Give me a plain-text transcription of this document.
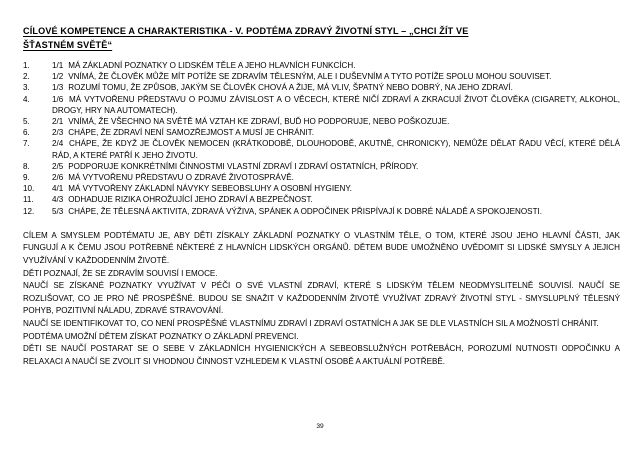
CÍLOVÉ KOMPETENCE A CHARAKTERISTIKA - V. PODTÉMA ZDRAVÝ ŽIVOTNÍ STYL – „CHCI ŽÍT VE
ŠŤASTNÉM SVĚTĚ“
1.	1/1 MÁ ZÁKLADNÍ POZNATKY O LIDSKÉM TĚLE A JEHO HLAVNÍCH FUNKCÍCH.
2.	1/2 VNÍMÁ, ŽE ČLOVĚK MŮŽE MÍT POTÍŽE SE ZDRAVÍM TĚLESNÝM, ALE I DUŠEVNÍM A TYTO POTÍŽE SPOLU MOHOU SOUVISET.
3.	1/3 ROZUMÍ TOMU, ŽE ZPŮSOB, JAKÝM SE ČLOVĚK CHOVÁ A ŽIJE, MÁ VLIV, ŠPATNÝ NEBO DOBRÝ, NA JEHO ZDRAVÍ.
4.	1/6 MÁ VYTVOŘENU PŘEDSTAVU O POJMU ZÁVISLOST A O VĚCECH, KTERÉ NIČÍ ZDRAVÍ A ZKRACUJÍ ŽIVOT ČLOVĚKA (CIGARETY, ALKOHOL, DROGY, HRY NA AUTOMATECH).
5.	2/1 VNÍMÁ, ŽE VŠECHNO NA SVĚTĚ MÁ VZTAH KE ZDRAVÍ, BUĎ HO PODPORUJE, NEBO POŠKOZUJE.
6.	2/3 CHÁPE, ŽE ZDRAVÍ NENÍ SAMOZŘEJMOST A MUSÍ JE CHRÁNIT.
7.	2/4 CHÁPE, ŽE KDYŽ JE ČLOVĚK NEMOCEN (KRÁTKODOBĚ, DLOUHODOBĚ, AKUTNĚ, CHRONICKY), NEMŮŽE DĚLAT ŘADU VĚCÍ, KTERÉ DĚLÁ RÁD, A KTERÉ PATŘÍ K JEHO ŽIVOTU.
8.	2/5 PODPORUJE KONKRÉTNÍMI ČINNOSTMI VLASTNÍ ZDRAVÍ I ZDRAVÍ OSTATNÍCH, PŘÍRODY.
9.	2/6 MÁ VYTVOŘENU PŘEDSTAVU O ZDRAVÉ ŽIVOTOSPRÁVĚ.
10.	4/1 MÁ VYTVOŘENY ZÁKLADNÍ NÁVYKY SEBEOBSLUHY A OSOBNÍ HYGIENY.
11.	4/3 ODHADUJE RIZIKA OHROŽUJÍCÍ JEHO ZDRAVÍ A BEZPEČNOST.
12.	5/3 CHÁPE, ŽE TĚLESNÁ AKTIVITA, ZDRAVÁ VÝŽIVA, SPÁNEK A ODPOČINEK PŘISPÍVAJÍ K DOBRÉ NÁLADĚ A SPOKOJENOSTI.

CÍLEM A SMYSLEM PODTÉMATU JE, ABY DĚTI ZÍSKALY ZÁKLADNÍ POZNATKY O VLASTNÍM TĚLE, O TOM, KTERÉ JSOU JEHO HLAVNÍ ČÁSTI, JAK FUNGUJÍ A K ČEMU JSOU POTŘEBNÉ NĚKTERÉ Z HLAVNÍCH LIDSKÝCH ORGÁNŮ. DĚTEM BUDE UMOŽNĚNO UVĚDOMIT SI LIDSKÉ SMYSLY A JEJICH VYUŽÍVÁNÍ V KAŽDODENNÍM ŽIVOTĚ.

DĚTI POZNAJÍ, ŽE SE ZDRAVÍM SOUVISÍ I EMOCE.

NAUČÍ SE ZÍSKANÉ POZNATKY VYUŽÍVAT V PÉČI O SVÉ VLASTNÍ ZDRAVÍ, KTERÉ S LIDSKÝM TĚLEM NEODMYSLITELNĚ SOUVISÍ. NAUČÍ SE ROZLIŠOVAT, CO JE PRO NĚ PROSPĚŠNÉ. BUDOU SE SNAŽIT V KAŽDODENNÍM ŽIVOTĚ VYUŽÍVAT ZDRAVÝ ŽIVOTNÍ STYL - SMYSLUPLNÝ TĚLESNÝ POHYB, POZITIVNÍ NÁLADU, ZDRAVÉ STRAVOVÁNÍ.

NAUČÍ SE IDENTIFIKOVAT TO, CO NENÍ PROSPĚŠNÉ VLASTNÍMU ZDRAVÍ I ZDRAVÍ OSTATNÍCH A JAK SE DLE VLASTNÍCH SIL A MOŽNOSTÍ CHRÁNIT.

PODTÉMA UMOŽNÍ DĚTEM ZÍSKAT POZNATKY O ZÁKLADNÍ PREVENCI.

DĚTI SE NAUČÍ POSTARAT SE O SEBE V ZÁKLADNÍCH HYGIENICKÝCH A SEBEOBSLUŽNÝCH POTŘEBÁCH, POROZUMÍ NUTNOSTI ODPOČINKU A RELAXACI A NAUČÍ SE ZVOLIT SI VHODNOU ČINNOST VZHLEDEM K VLASTNÍ OSOBĚ A AKTUÁLNÍ POTŘEBĚ.

39
